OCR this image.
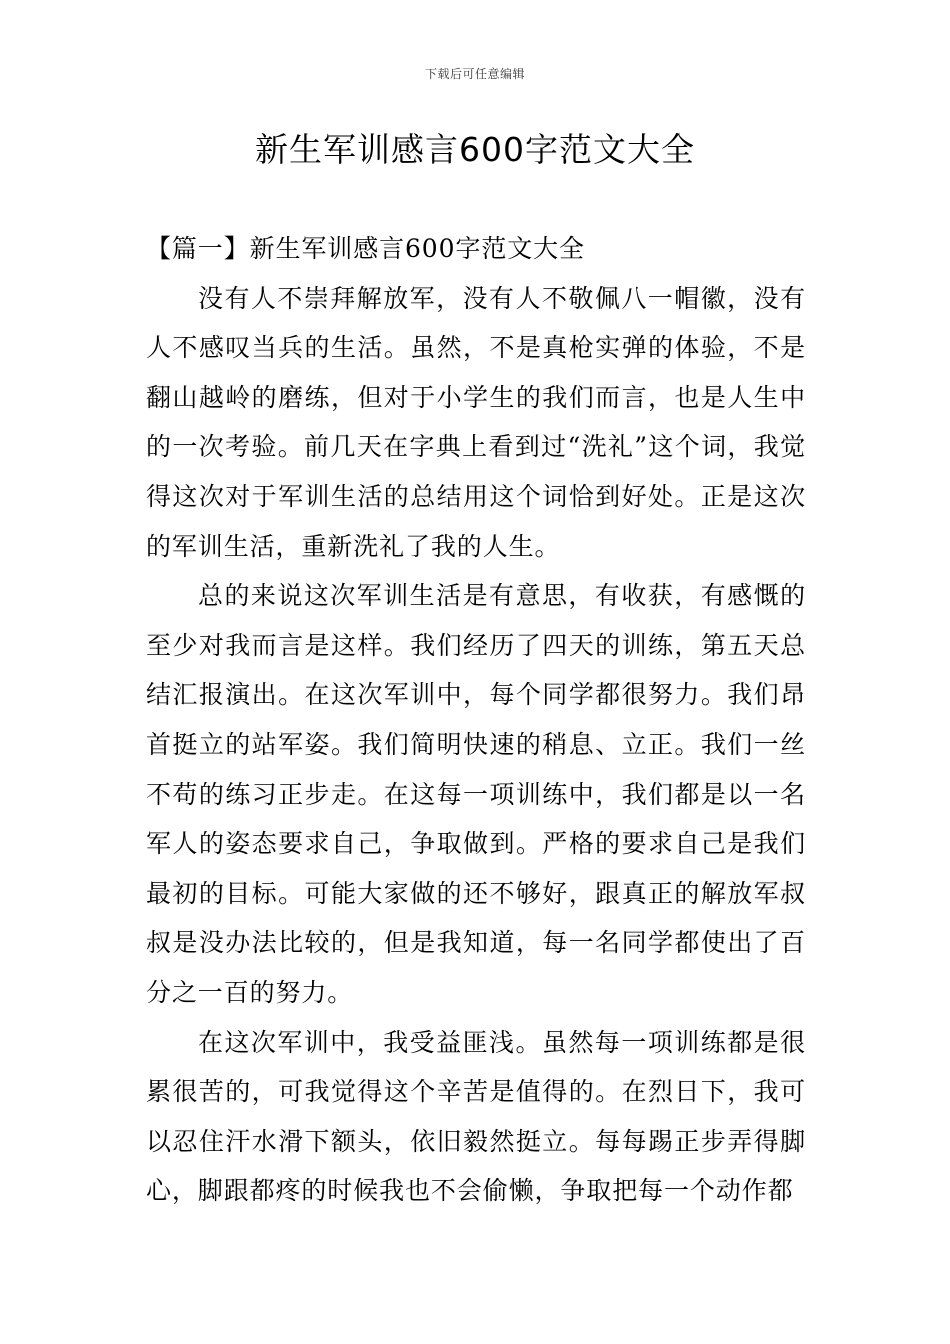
下载后可任意编辑
新生军训感言600字范文大全

【篇一】新生军训感言600字范文大全

没有人不崇拜解放军，没有人不敬佩八一帽徽，没有人不感叹当兵的生活。虽然，不是真枪实弹的体验，不是翻山越岭的磨练，但对于小学生的我们而言，也是人生中的一次考验。前几天在字典上看到过“洗礼”这个词，我觉得这次对于军训生活的总结用这个词恰到好处。正是这次的军训生活，重新洗礼了我的人生。

总的来说这次军训生活是有意思，有收获，有感慨的至少对我而言是这样。我们经历了四天的训练，第五天总结汇报演出。在这次军训中，每个同学都很努力。我们昂首挺立的站军姿。我们简明快速的稍息、立正。我们一丝不苟的练习正步走。在这每一项训练中，我们都是以一名军人的姿态要求自己，争取做到。严格的要求自己是我们最初的目标。可能大家做的还不够好，跟真正的解放军叔叔是没办法比较的，但是我知道，每一名同学都使出了百分之一百的努力。

在这次军训中，我受益匪浅。虽然每一项训练都是很累很苦的，可我觉得这个辛苦是值得的。在烈日下，我可以忍住汗水滑下额头，依旧毅然挺立。每每踢正步弄得脚心，脚跟都疼的时候我也不会偷懒，争取把每一个动作都
